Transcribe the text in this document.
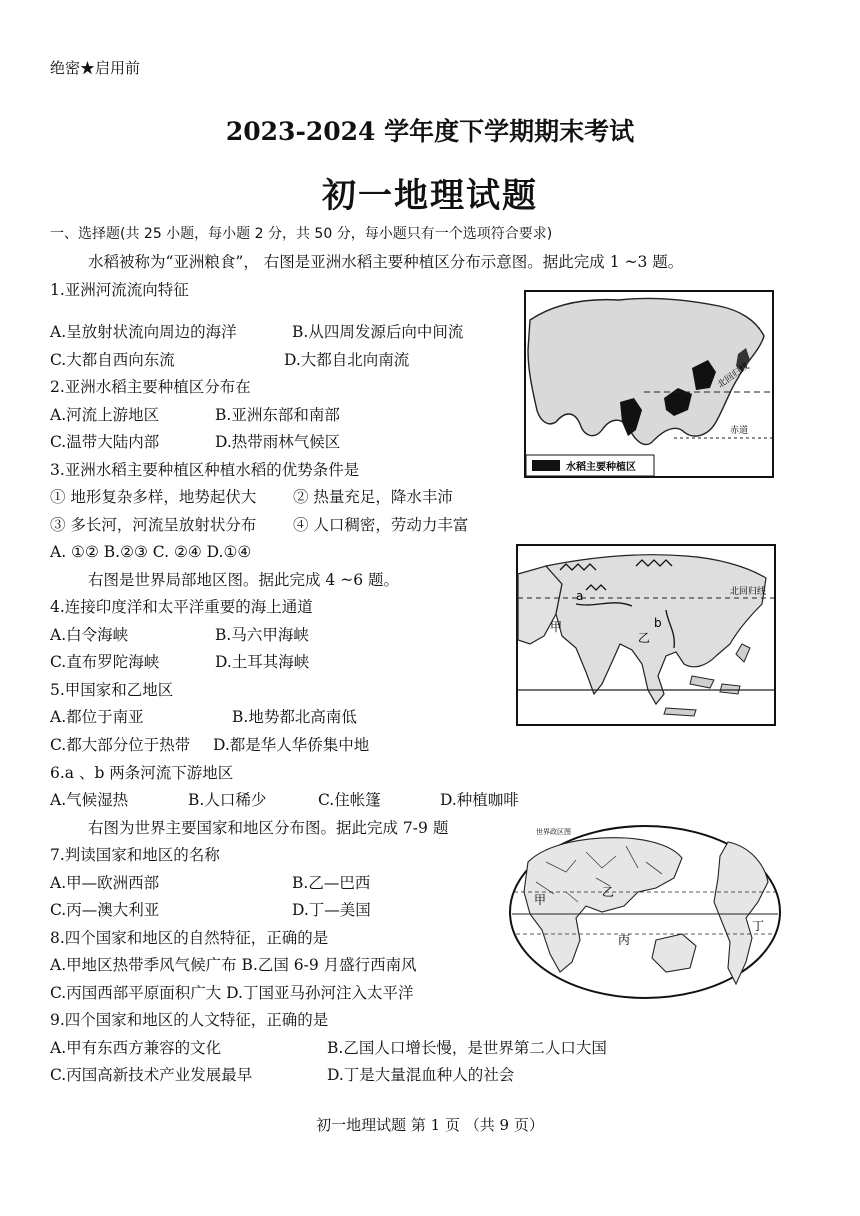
绝密★启用前
2023-2024 学年度下学期期末考试
初一地理试题
一、选择题(共 25 小题，每小题 2 分，共 50 分，每小题只有一个选项符合要求)
水稻被称为“亚洲粮食”， 右图是亚洲水稻主要种植区分布示意图。据此完成 1 ~3 题。
1.亚洲河流流向特征
A.呈放射状流向周边的海洋	B.从四周发源后向中间流
C.大都自西向东流	D.大都自北向南流
2.亚洲水稻主要种植区分布在
A.河流上游地区	B.亚洲东部和南部
C.温带大陆内部	D.热带雨林气候区
3.亚洲水稻主要种植区种植水稻的优势条件是
① 地形复杂多样，地势起伏大 ② 热量充足，降水丰沛
③ 多长河，河流呈放射状分布 ④ 人口稠密，劳动力丰富
A. ①② B.②③ C. ②④ D.①④
右图是世界局部地区图。据此完成 4 ~6 题。
4.连接印度洋和太平洋重要的海上通道
A.白令海峡	B.马六甲海峡
C.直布罗陀海峡	D.土耳其海峡
5.甲国家和乙地区
A.都位于南亚	B.地势都北高南低
C.都大部分位于热带 D.都是华人华侨集中地
6.a 、b 两条河流下游地区
A.气候湿热	B.人口稀少	C.住帐篷	D.种植咖啡
右图为世界主要国家和地区分布图。据此完成 7-9 题
7.判读国家和地区的名称
A.甲—欧洲西部	B.乙—巴西
C.丙—澳大利亚	D.丁—美国
8.四个国家和地区的自然特征，正确的是
A.甲地区热带季风气候广布 B.乙国 6-9 月盛行西南风
C.丙国西部平原面积广大 D.丁国亚马孙河注入太平洋
9.四个国家和地区的人文特征，正确的是
A.甲有东西方兼容的文化	B.乙国人口增长慢，是世界第二人口大国
C.丙国高新技术产业发展最早	D.丁是大量混血种人的社会
初一地理试题 第 1 页 （共 9 页）
北回归线
赤道
水稻主要种植区
a
b
甲
乙
北回归线
世界政区图
甲
乙
丙
丁
